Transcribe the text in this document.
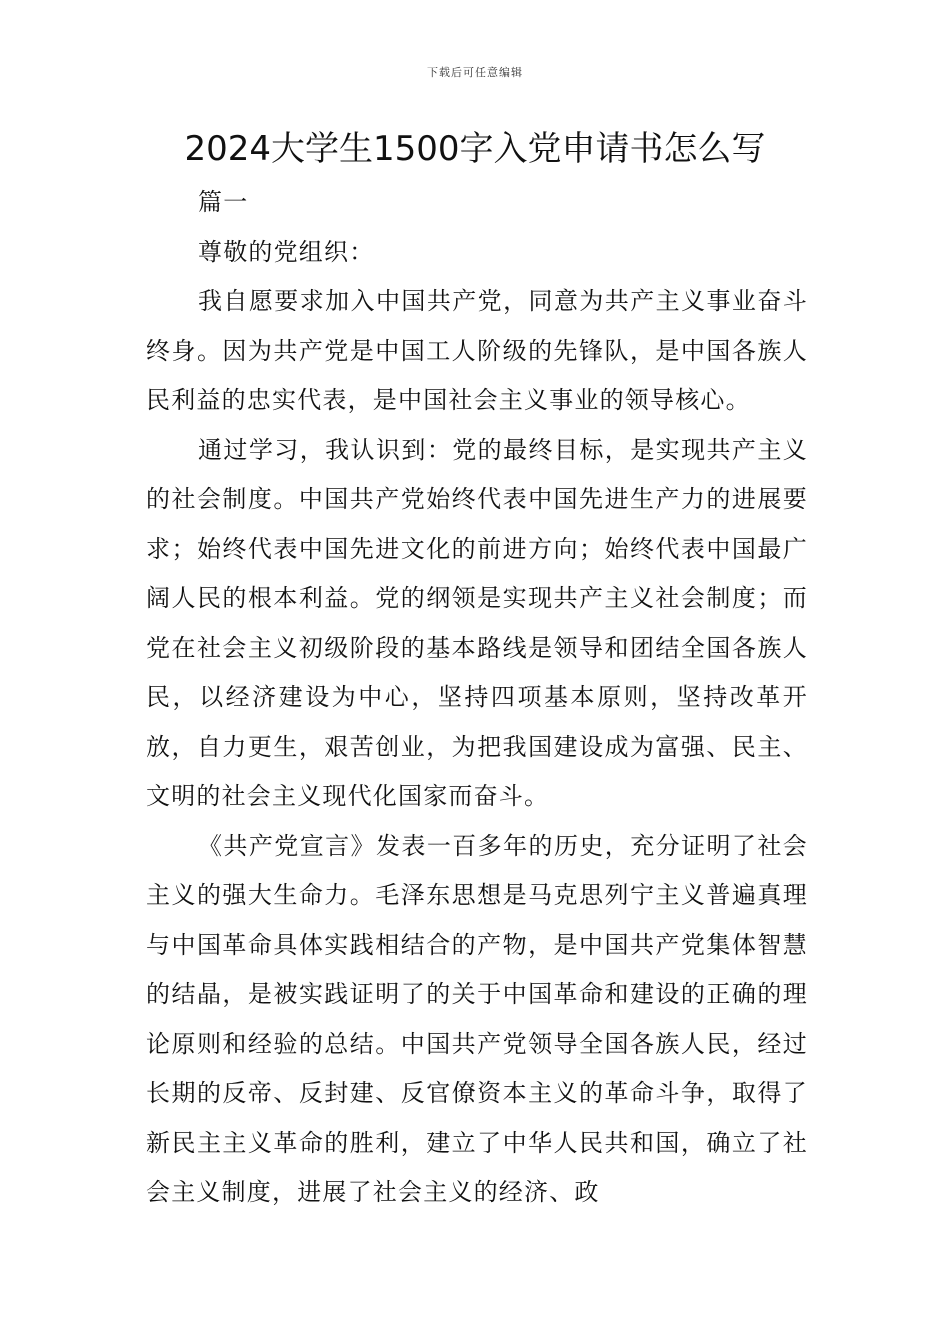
下载后可任意编辑
2024大学生1500字入党申请书怎么写

篇一

尊敬的党组织：

我自愿要求加入中国共产党，同意为共产主义事业奋斗终身。因为共产党是中国工人阶级的先锋队，是中国各族人民利益的忠实代表，是中国社会主义事业的领导核心。

通过学习，我认识到：党的最终目标，是实现共产主义的社会制度。中国共产党始终代表中国先进生产力的进展要求；始终代表中国先进文化的前进方向；始终代表中国最广阔人民的根本利益。党的纲领是实现共产主义社会制度；而党在社会主义初级阶段的基本路线是领导和团结全国各族人民，以经济建设为中心，坚持四项基本原则，坚持改革开放，自力更生，艰苦创业，为把我国建设成为富强、民主、文明的社会主义现代化国家而奋斗。

《共产党宣言》发表一百多年的历史，充分证明了社会主义的强大生命力。毛泽东思想是马克思列宁主义普遍真理与中国革命具体实践相结合的产物，是中国共产党集体智慧的结晶，是被实践证明了的关于中国革命和建设的正确的理论原则和经验的总结。中国共产党领导全国各族人民，经过长期的反帝、反封建、反官僚资本主义的革命斗争，取得了新民主主义革命的胜利，建立了中华人民共和国，确立了社会主义制度，进展了社会主义的经济、政
